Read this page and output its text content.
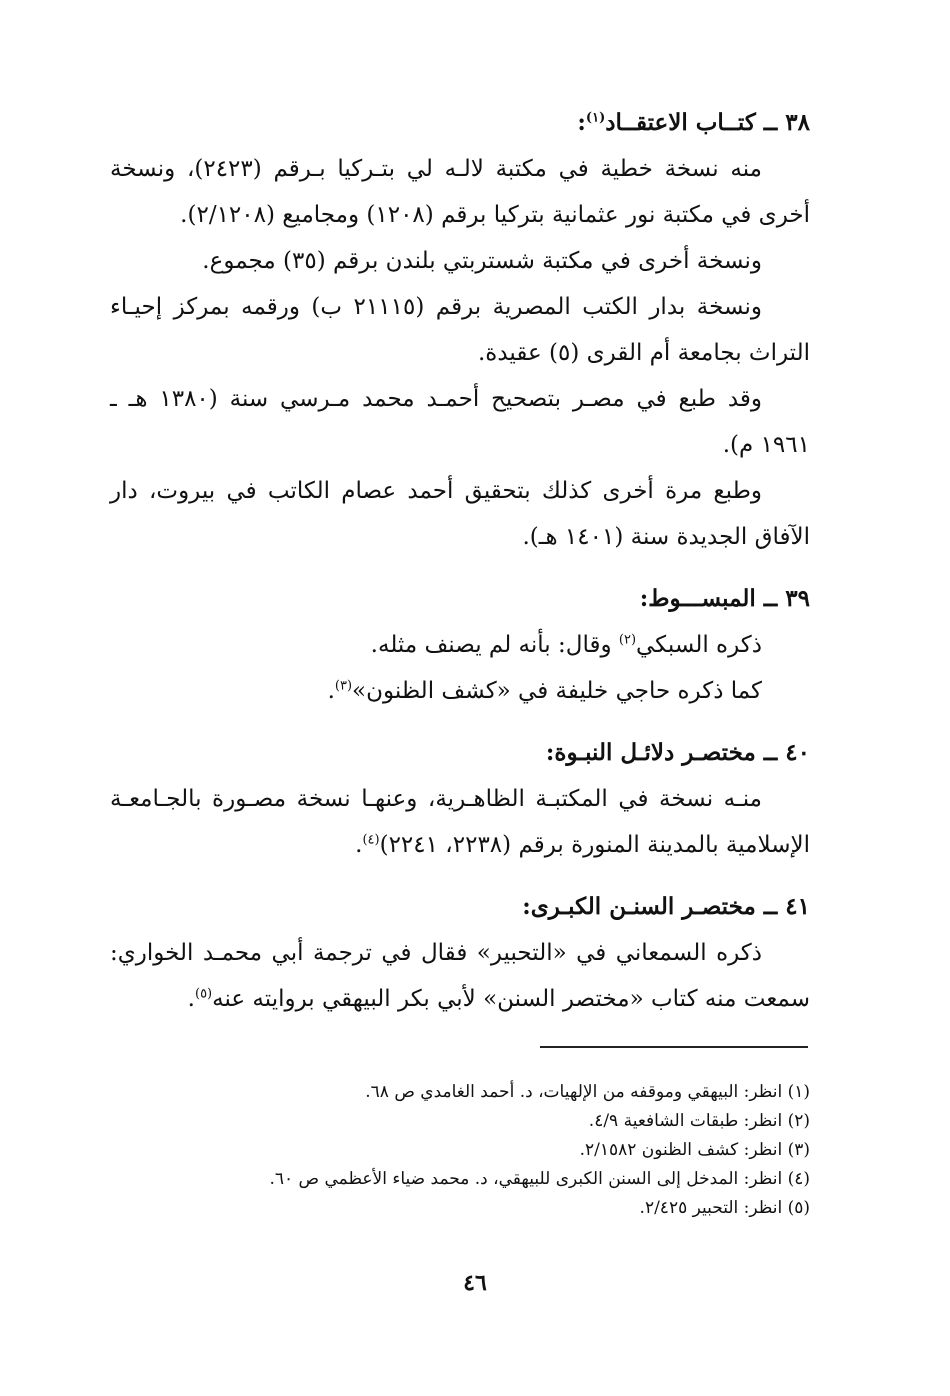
٣٨ ــ كتــاب الاعتقــاد$^{(١)}$:

منه نسخة خطية في مكتبة لالـه لي بتـركيا بـرقم (٢٤٢٣)، ونسخة أخرى في مكتبة نور عثمانية بتركيا برقم (١٢٠٨) ومجاميع (٢/١٢٠٨).

ونسخة أخرى في مكتبة شستربتي بلندن برقم (٣٥) مجموع.

ونسخة بدار الكتب المصرية برقم (٢١١١٥ ب) ورقمه بمركز إحيـاء التراث بجامعة أم القرى (٥) عقيدة.

وقد طبع في مصـر بتصحيح أحمـد محمد مـرسي سنة (١٣٨٠ هـ ـ ١٩٦١ م).

وطبع مرة أخرى كذلك بتحقيق أحمد عصام الكاتب في بيروت، دار الآفاق الجديدة سنة (١٤٠١ هـ).

٣٩ ــ المبســـوط:

ذكره السبكي$^{(٢)}$ وقال: بأنه لم يصنف مثله.

كما ذكره حاجي خليفة في «كشف الظنون»$^{(٣)}$.

٤٠ ــ مختصـر دلائـل النبـوة:

منـه نسخة في المكتبـة الظاهـرية، وعنهـا نسخة مصـورة بالجـامعـة الإسلامية بالمدينة المنورة برقم (٢٢٣٨، ٢٢٤١)$^{(٤)}$.

٤١ ــ مختصـر السنـن الكبـرى:

ذكره السمعاني في «التحبير» فقال في ترجمة أبي محمـد الخواري: سمعت منه كتاب «مختصر السنن» لأبي بكر البيهقي بروايته عنه$^{(٥)}$.

(١) انظر: البيهقي وموقفه من الإلهيات، د. أحمد الغامدي ص ٦٨.

(٢) انظر: طبقات الشافعية ٤/٩.

(٣) انظر: كشف الظنون ٢/١٥٨٢.

(٤) انظر: المدخل إلى السنن الكبرى للبيهقي، د. محمد ضياء الأعظمي ص ٦٠.

(٥) انظر: التحبير ٢/٤٢٥.

٤٦
